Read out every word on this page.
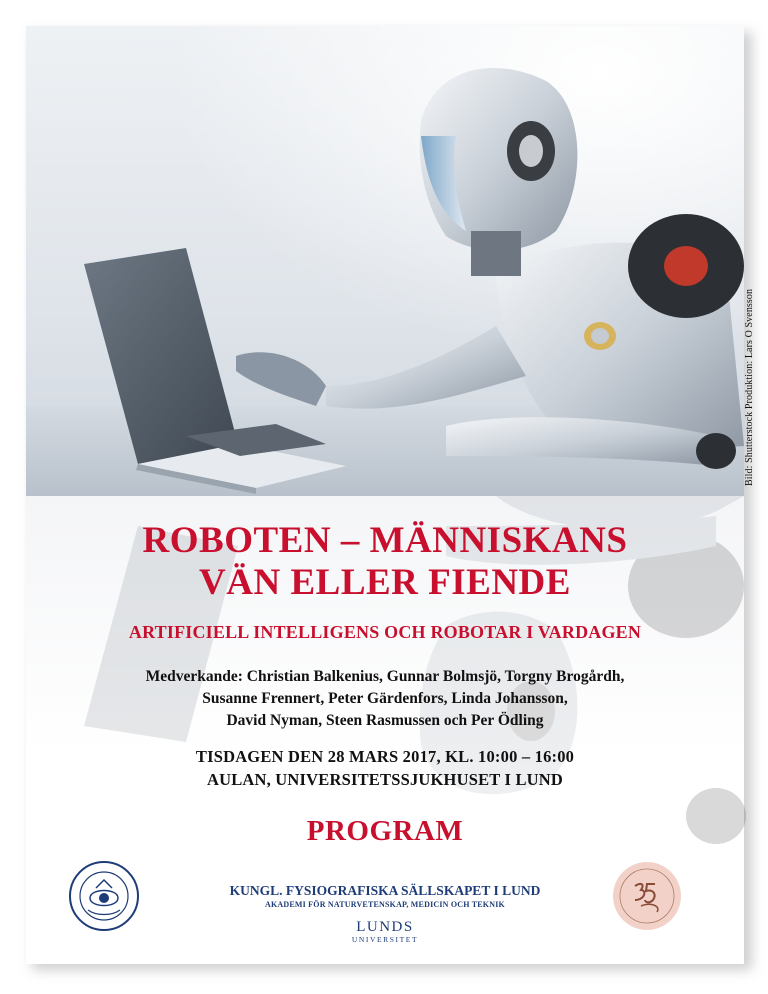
Bild: Shutterstock Produktion: Lars O Svensson
ROBOTEN – MÄNNISKANS
VÄN ELLER FIENDE
ARTIFICIELL INTELLIGENS OCH ROBOTAR I VARDAGEN
Medverkande: Christian Balkenius, Gunnar Bolmsjö, Torgny Brogårdh,
Susanne Frennert, Peter Gärdenfors, Linda Johansson,
David Nyman, Steen Rasmussen och Per Ödling
TISDAGEN DEN 28 MARS 2017, KL. 10:00 – 16:00
AULAN, UNIVERSITETSSJUKHUSET I LUND
PROGRAM
KUNGL. FYSIOGRAFISKA SÄLLSKAPET I LUND
AKADEMI FÖR NATURVETENSKAP, MEDICIN OCH TEKNIK
LUNDS
UNIVERSITET
